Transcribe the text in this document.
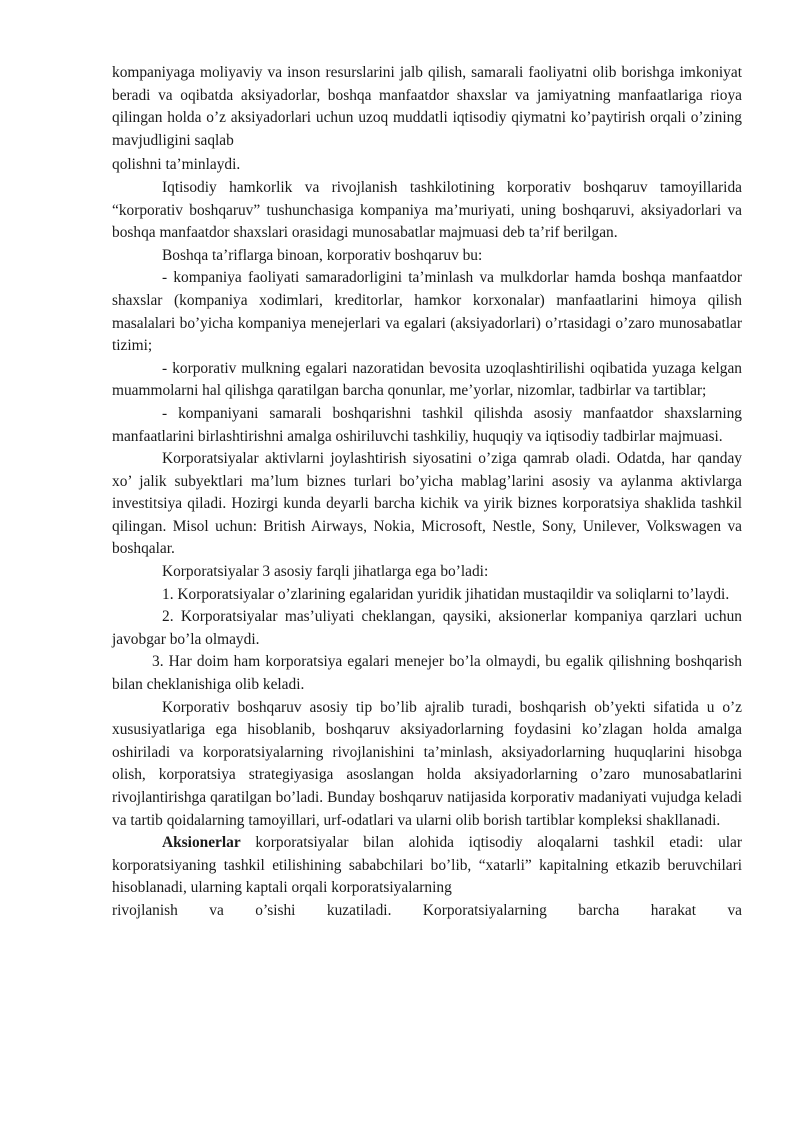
kompaniyaga moliyaviy va inson resurslarini jalb qilish, samarali faoliyatni olib borishga imkoniyat beradi va oqibatda aksiyadorlar, boshqa manfaatdor shaxslar va jamiyatning manfaatlariga rioya qilingan holda o’z aksiyadorlari uchun uzoq muddatli iqtisodiy qiymatni ko’paytirish orqali o’zining mavjudligini saqlab

qolishni ta’minlaydi.

Iqtisodiy hamkorlik va rivojlanish tashkilotining korporativ boshqaruv tamoyillarida “korporativ boshqaruv” tushunchasiga kompaniya ma’muriyati, uning boshqaruvi, aksiyadorlari va boshqa manfaatdor shaxslari orasidagi munosabatlar majmuasi deb ta’rif berilgan.

Boshqa ta’riflarga binoan, korporativ boshqaruv bu:

- kompaniya faoliyati samaradorligini ta’minlash va mulkdorlar hamda boshqa manfaatdor shaxslar (kompaniya xodimlari, kreditorlar, hamkor korxonalar) manfaatlarini himoya qilish masalalari bo’yicha kompaniya menejerlari va egalari (aksiyadorlari) o’rtasidagi o’zaro munosabatlar tizimi;

- korporativ mulkning egalari nazoratidan bevosita uzoqlashtirilishi oqibatida yuzaga kelgan muammolarni hal qilishga qaratilgan barcha qonunlar, me’yorlar, nizomlar, tadbirlar va tartiblar;

- kompaniyani samarali boshqarishni tashkil qilishda asosiy manfaatdor shaxslarning manfaatlarini birlashtirishni amalga oshiriluvchi tashkiliy, huquqiy va iqtisodiy tadbirlar majmuasi.

Korporatsiyalar aktivlarni joylashtirish siyosatini o’ziga qamrab oladi. Odatda, har qanday xo’ jalik subyektlari ma’lum biznes turlari bo’yicha mablag’larini asosiy va aylanma aktivlarga investitsiya qiladi. Hozirgi kunda deyarli barcha kichik va yirik biznes korporatsiya shaklida tashkil qilingan. Misol uchun: British Airways, Nokia, Microsoft, Nestle, Sony, Unilever, Volkswagen va boshqalar.

Korporatsiyalar 3 asosiy farqli jihatlarga ega bo’ladi:

1. Korporatsiyalar o’zlarining egalaridan yuridik jihatidan mustaqildir va soliqlarni to’laydi.

2. Korporatsiyalar mas’uliyati cheklangan, qaysiki, aksionerlar kompaniya qarzlari uchun javobgar bo’la olmaydi.

3. Har doim ham korporatsiya egalari menejer bo’la olmaydi, bu egalik qilishning boshqarish bilan cheklanishiga olib keladi.

Korporativ boshqaruv asosiy tip bo’lib ajralib turadi, boshqarish ob’yekti sifatida u o’z xususiyatlariga ega hisoblanib, boshqaruv aksiyadorlarning foydasini ko’zlagan holda amalga oshiriladi va korporatsiyalarning rivojlanishini ta’minlash, aksiyadorlarning huquqlarini hisobga olish, korporatsiya strategiyasiga asoslangan holda aksiyadorlarning o’zaro munosabatlarini rivojlantirishga qaratilgan bo’ladi. Bunday boshqaruv natijasida korporativ madaniyati vujudga keladi va tartib qoidalarning tamoyillari, urf-odatlari va ularni olib borish tartiblar kompleksi shakllanadi.

Aksionerlar korporatsiyalar bilan alohida iqtisodiy aloqalarni tashkil etadi: ular korporatsiyaning tashkil etilishining sababchilari bo’lib, “xatarli” kapitalning etkazib beruvchilari hisoblanadi, ularning kaptali orqali korporatsiyalarning

rivojlanish va o’sishi kuzatiladi. Korporatsiyalarning barcha harakat va
